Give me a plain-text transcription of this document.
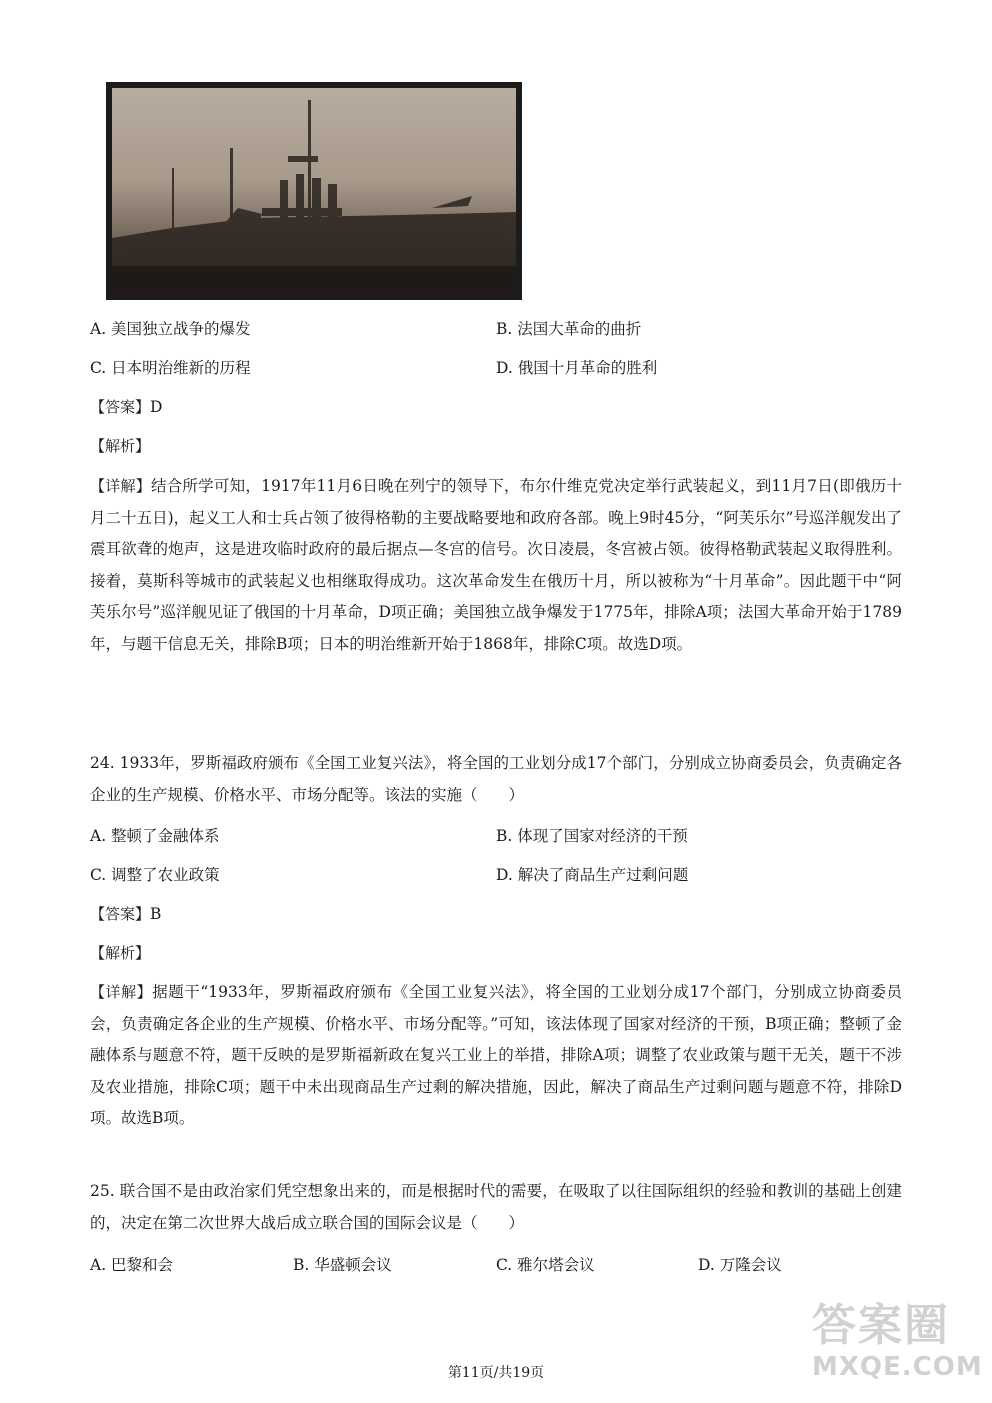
A. 美国独立战争的爆发	B. 法国大革命的曲折
C. 日本明治维新的历程	D. 俄国十月革命的胜利
【答案】D
【解析】

【详解】结合所学可知，1917年11月6日晚在列宁的领导下，布尔什维克党决定举行武装起义，到11月7日(即俄历十月二十五日)，起义工人和士兵占领了彼得格勒的主要战略要地和政府各部。晚上9时45分，“阿芙乐尔”号巡洋舰发出了震耳欲聋的炮声，这是进攻临时政府的最后据点—冬宫的信号。次日凌晨，冬宫被占领。彼得格勒武装起义取得胜利。接着，莫斯科等城市的武装起义也相继取得成功。这次革命发生在俄历十月，所以被称为“十月革命”。因此题干中“阿芙乐尔号”巡洋舰见证了俄国的十月革命，D项正确；美国独立战争爆发于1775年，排除A项；法国大革命开始于1789年，与题干信息无关，排除B项；日本的明治维新开始于1868年，排除C项。故选D项。

24. 1933年，罗斯福政府颁布《全国工业复兴法》，将全国的工业划分成17个部门，分别成立协商委员会，负责确定各企业的生产规模、价格水平、市场分配等。该法的实施（　　）

A. 整顿了金融体系	B. 体现了国家对经济的干预
C. 调整了农业政策	D. 解决了商品生产过剩问题
【答案】B
【解析】

【详解】据题干“1933年，罗斯福政府颁布《全国工业复兴法》，将全国的工业划分成17个部门，分别成立协商委员会，负责确定各企业的生产规模、价格水平、市场分配等。”可知，该法体现了国家对经济的干预，B项正确；整顿了金融体系与题意不符，题干反映的是罗斯福新政在复兴工业上的举措，排除A项；调整了农业政策与题干无关，题干不涉及农业措施，排除C项；题干中未出现商品生产过剩的解决措施，因此，解决了商品生产过剩问题与题意不符，排除D项。故选B项。

25. 联合国不是由政治家们凭空想象出来的，而是根据时代的需要，在吸取了以往国际组织的经验和教训的基础上创建的，决定在第二次世界大战后成立联合国的国际会议是（　　）

A. 巴黎和会	B. 华盛顿会议	C. 雅尔塔会议	D. 万隆会议
第11页/共19页
答案圈
MXQE.COM
